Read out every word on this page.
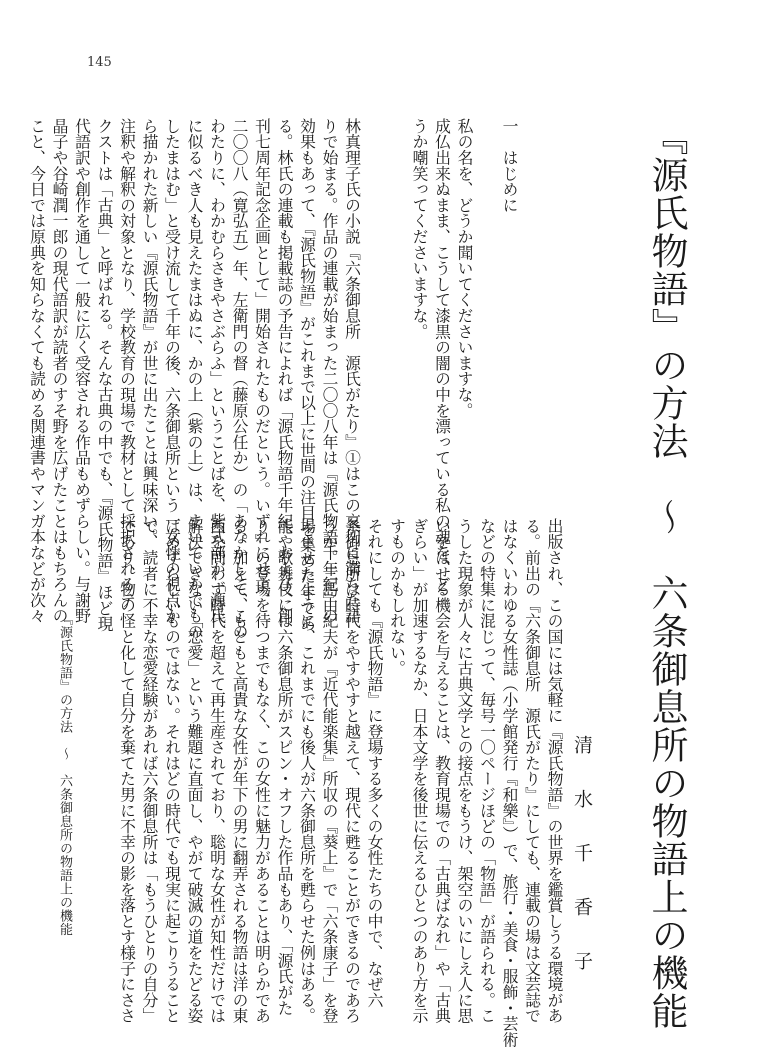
145
『源氏物語』の方法　〜　六条御息所の物語上の機能
清　水　千　香　子

一　はじめに

私の名を、どうか聞いてくださいますな。
成仏出来ぬまま、こうして漆黒の闇の中を漂っている私の魂を、ど
うか嘲笑ってくださいますな。

林真理子氏の小説『六条御息所　源氏がたり』①はこの哀切に満ちた語
りで始まる。作品の連載が始まった二〇〇八年は『源氏物語千年紀』の
効果もあって、『源氏物語』がこれまで以上に世間の注目を集めた年であ
る。林氏の連載も掲載誌の予告によれば「源氏物語千年紀、および、創
刊七周年記念企画として」開始されたものだという。いずれにせよ、
二〇〇八（寛弘五）年、左衛門の督（藤原公任か）の「あなかしこ、この
わたりに、わかむらさきやさぶらふ」ということばを、紫式部が「源氏
に似るべき人も見えたまはぬに、かの上（紫の上）は、まいていかでもの
したまはむ」と受け流して千年の後、六条御息所という一女性の視点か
ら描かれた新しい『源氏物語』が世に出たことは興味深い。
注釈や解釈の対象となり、学校教育の現場で教材として採択されるテ
クストは「古典」と呼ばれる。そんな古典の中でも、『源氏物語』ほど現
代語訳や創作を通して一般に広く受容される作品もめずらしい。与謝野
晶子や谷崎潤一郎の現代語訳が読者のすそ野を広げたことはもちろんの
こと、今日では原典を知らなくても読める関連書やマンガ本などが次々
出版され、この国には気軽に『源氏物語』の世界を鑑賞しうる環境があ
る。前出の『六条御息所　源氏がたり』にしても、連載の場は文芸誌で
はなくいわゆる女性誌（小学館発行『和樂』）で、旅行・美食・服飾・芸術
などの特集に混じって、毎号一〇ページほどの「物語」が語られる。こ
うした現象が人々に古典文学との接点をもうけ、架空のいにしえ人に思
いをはせる機会を与えることは、教育現場での「古典ばなれ」や「古典
ぎらい」が加速するなか、日本文学を後世に伝えるひとつのあり方を示
すものかもしれない。
それにしても『源氏物語』に登場する多くの女性たちの中で、なぜ六
条御息所は時代をやすやすと越えて、現代に甦ることができるのであろ
うか。三島由紀夫が『近代能楽集』所収の『葵上』で「六条康子」を登
場させたように、これまでにも後人が六条御息所を甦らせた例はある。
能や歌舞伎には六条御息所がスピン・オフした作品もあり、「源氏がた
り」の登場を待つまでもなく、この女性に魅力があることは明らかであ
る。加えて、もともと高貴な女性が年下の男に翻弄される物語は洋の東
西を問わず時代を超えて再生産されており、聡明な女性が知性だけでは
解決できない「恋愛」という難題に直面し、やがて破滅の道をたどる姿
はめずらしいものではない。それはどの時代でも現実に起こりうること
で、読者に不幸な恋愛経験があれば六条御息所は「もうひとりの自分」
であり、物の怪と化して自分を棄てた男に不幸の影を落とす様子にささ
『源氏物語』の方法　〜　六条御息所の物語上の機能
